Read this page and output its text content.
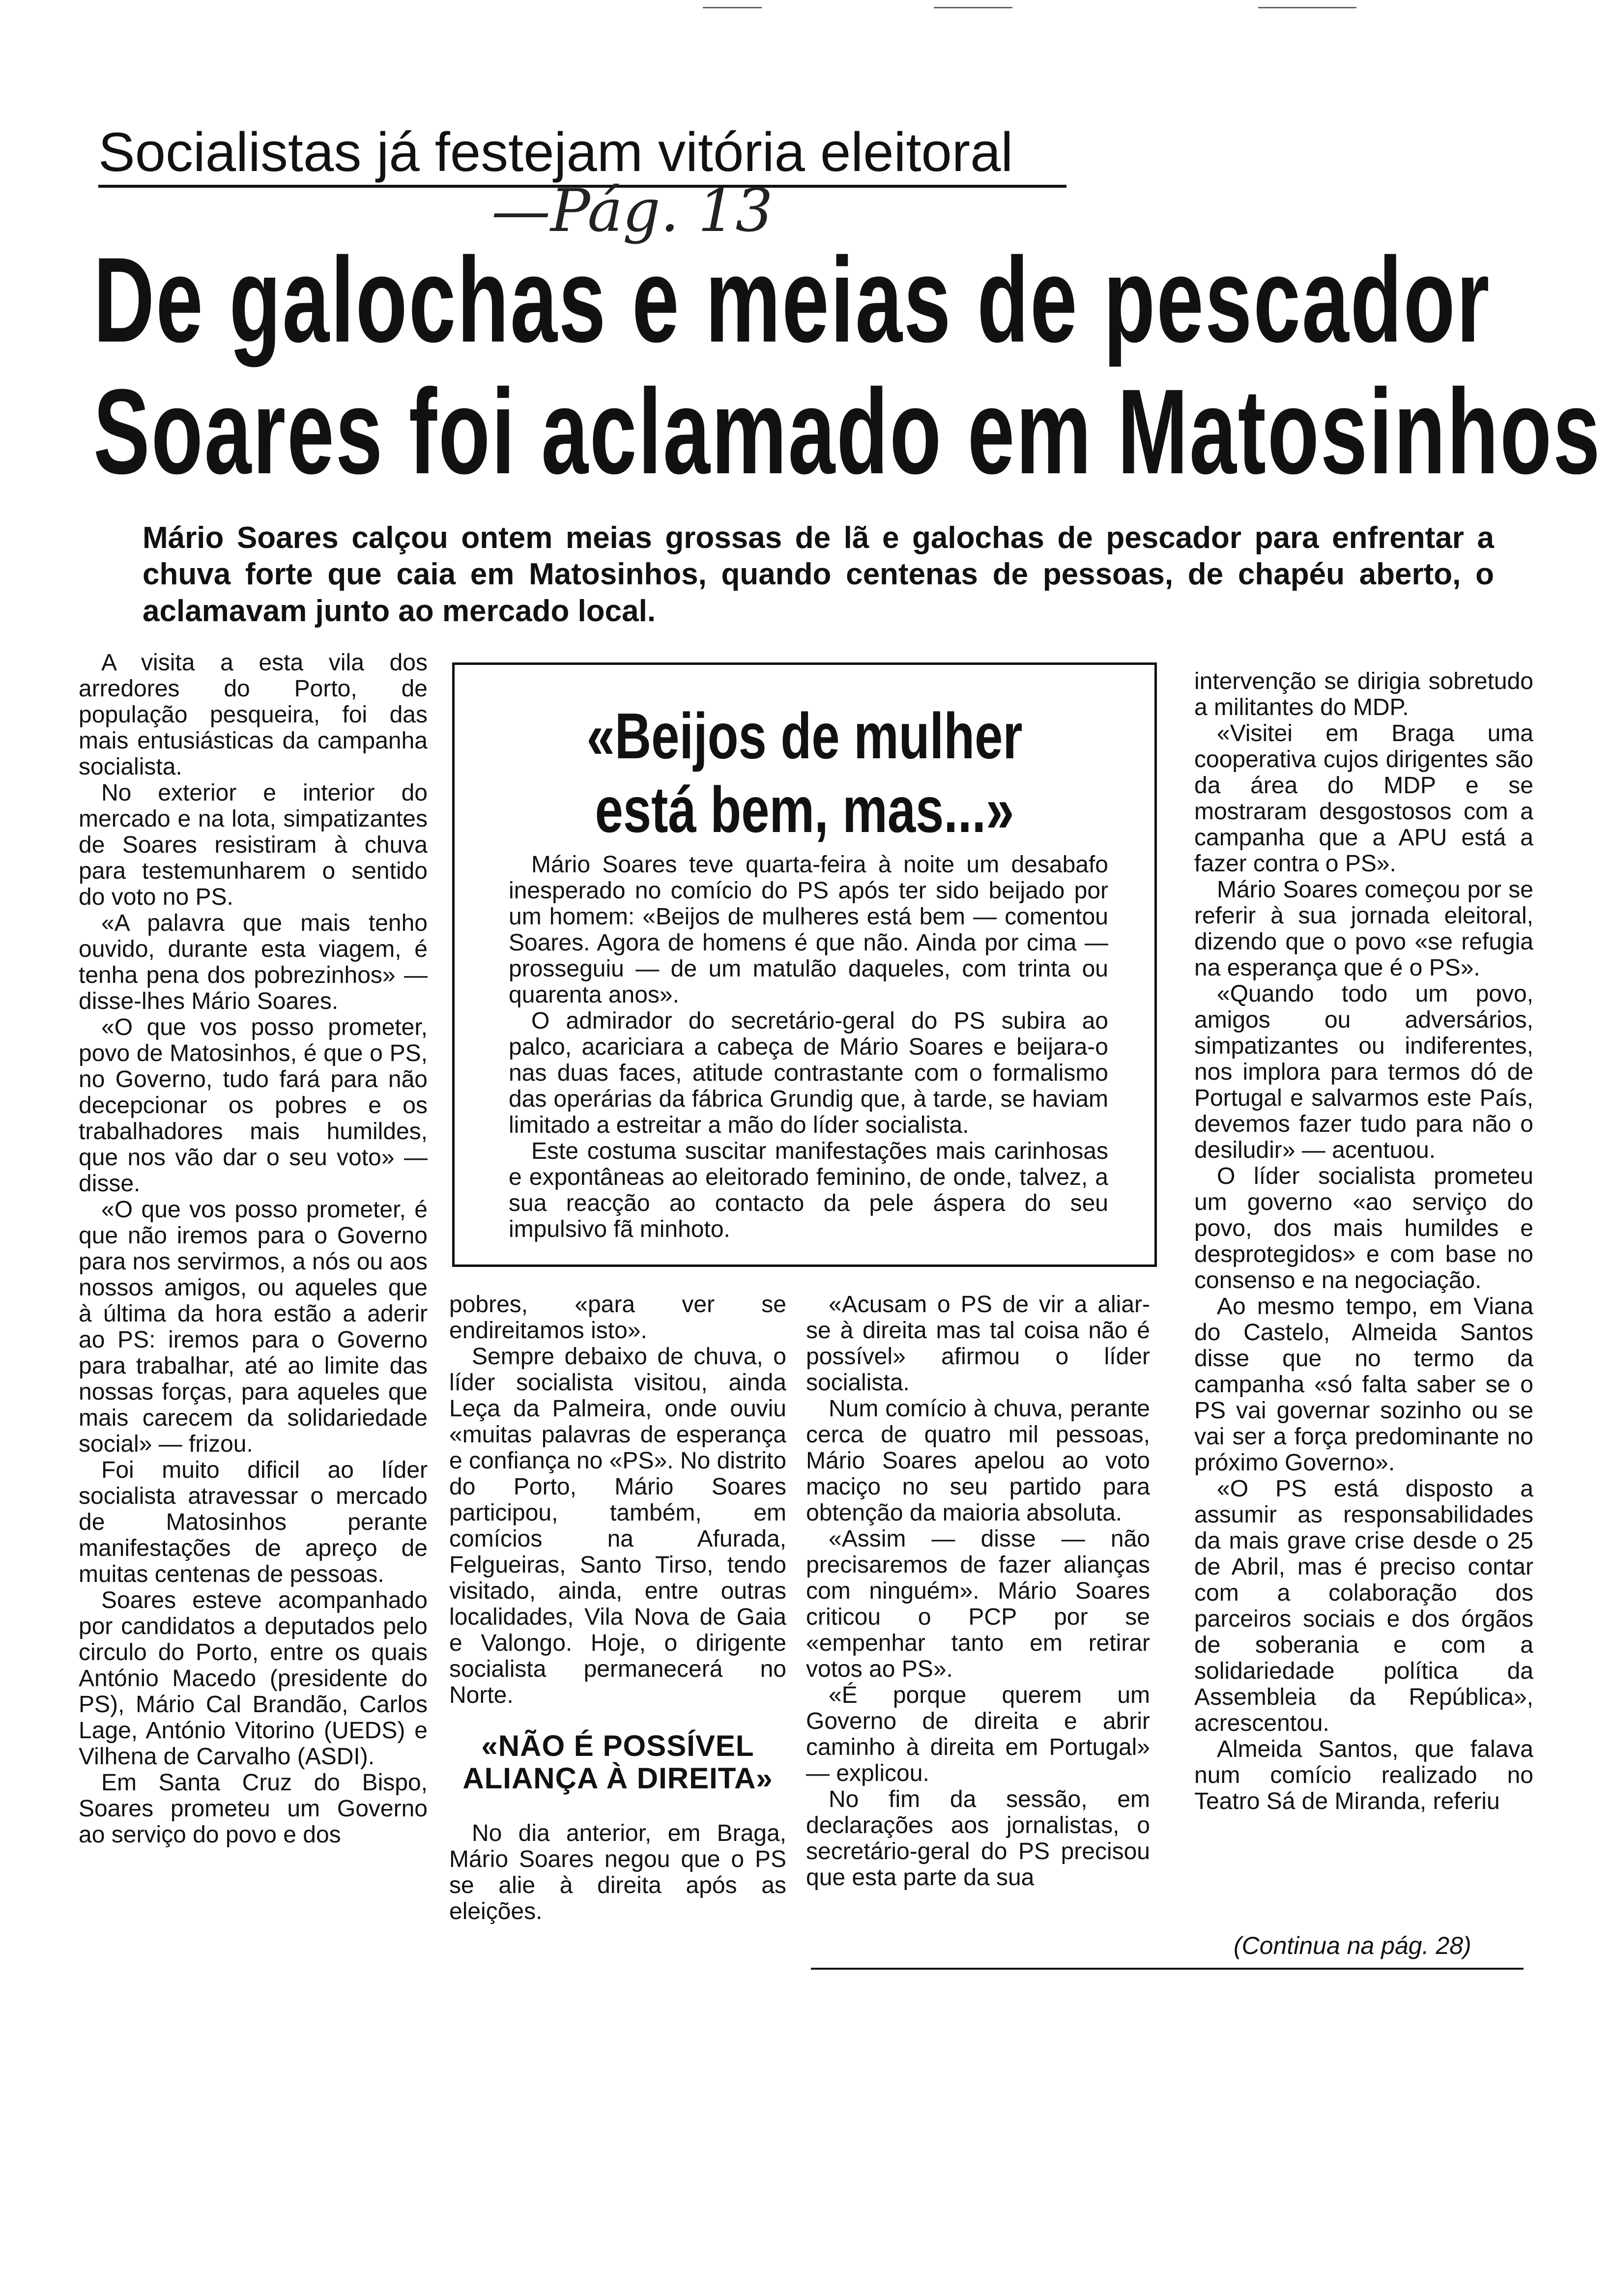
Socialistas já festejam vitória eleitoral
—Pág. 13
De galochas e meias de pescador
Soares foi aclamado em Matosinhos
Mário Soares calçou ontem meias grossas de lã e galochas de pescador para enfrentar a chuva forte que caia em Matosinhos, quando centenas de pessoas, de chapéu aberto, o aclamavam junto ao mercado local.

A visita a esta vila dos arredores do Porto, de população pesqueira, foi das mais entusiásticas da campanha socialista.

No exterior e interior do mercado e na lota, simpatizantes de Soares resistiram à chuva para testemunharem o sentido do voto no PS.

«A palavra que mais tenho ouvido, durante esta viagem, é tenha pena dos pobrezinhos» — disse-lhes Mário Soares.

«O que vos posso prometer, povo de Matosinhos, é que o PS, no Governo, tudo fará para não decepcionar os pobres e os trabalhadores mais humildes, que nos vão dar o seu voto» — disse.

«O que vos posso prometer, é que não iremos para o Governo para nos servirmos, a nós ou aos nossos amigos, ou aqueles que à última da hora estão a aderir ao PS: iremos para o Governo para trabalhar, até ao limite das nossas forças, para aqueles que mais carecem da solidariedade social» — frizou.

Foi muito dificil ao líder socialista atravessar o mercado de Matosinhos perante manifestações de apreço de muitas centenas de pessoas.

Soares esteve acompanhado por candidatos a deputados pelo circulo do Porto, entre os quais António Macedo (presidente do PS), Mário Cal Brandão, Carlos Lage, António Vitorino (UEDS) e Vilhena de Carvalho (ASDI).

Em Santa Cruz do Bispo, Soares prometeu um Governo ao serviço do povo e dos

«Beijos de mulher
está bem, mas...»

Mário Soares teve quarta-feira à noite um desabafo inesperado no comício do PS após ter sido beijado por um homem: «Beijos de mulheres está bem — comentou Soares. Agora de homens é que não. Ainda por cima — prosseguiu — de um matulão daqueles, com trinta ou quarenta anos».

O admirador do secretário-geral do PS subira ao palco, acariciara a cabeça de Mário Soares e beijara-o nas duas faces, atitude contrastante com o formalismo das operárias da fábrica Grundig que, à tarde, se haviam limitado a estreitar a mão do líder socialista.

Este costuma suscitar manifestações mais carinhosas e expontâneas ao eleitorado feminino, de onde, talvez, a sua reacção ao contacto da pele áspera do seu impulsivo fã minhoto.

pobres, «para ver se endireitamos isto».

Sempre debaixo de chuva, o líder socialista visitou, ainda Leça da Palmeira, onde ouviu «muitas palavras de esperança e confiança no «PS». No distrito do Porto, Mário Soares participou, também, em comícios na Afurada, Felgueiras, Santo Tirso, tendo visitado, ainda, entre outras localidades, Vila Nova de Gaia e Valongo. Hoje, o dirigente socialista permanecerá no Norte.

«NÃO É POSSÍVEL
ALIANÇA À DIREITA»

No dia anterior, em Braga, Mário Soares negou que o PS se alie à direita após as eleições.

«Acusam o PS de vir a aliar-se à direita mas tal coisa não é possível» afirmou o líder socialista.

Num comício à chuva, perante cerca de quatro mil pessoas, Mário Soares apelou ao voto maciço no seu partido para obtenção da maioria absoluta.

«Assim — disse — não precisaremos de fazer alianças com ninguém». Mário Soares criticou o PCP por se «empenhar tanto em retirar votos ao PS».

«É porque querem um Governo de direita e abrir caminho à direita em Portugal» — explicou.

No fim da sessão, em declarações aos jornalistas, o secretário-geral do PS precisou que esta parte da sua

intervenção se dirigia sobretudo a militantes do MDP.

«Visitei em Braga uma cooperativa cujos dirigentes são da área do MDP e se mostraram desgostosos com a campanha que a APU está a fazer contra o PS».

Mário Soares começou por se referir à sua jornada eleitoral, dizendo que o povo «se refugia na esperança que é o PS».

«Quando todo um povo, amigos ou adversários, simpatizantes ou indiferentes, nos implora para termos dó de Portugal e salvarmos este País, devemos fazer tudo para não o desiludir» — acentuou.

O líder socialista prometeu um governo «ao serviço do povo, dos mais humildes e desprotegidos» e com base no consenso e na negociação.

Ao mesmo tempo, em Viana do Castelo, Almeida Santos disse que no termo da campanha «só falta saber se o PS vai governar sozinho ou se vai ser a força predominante no próximo Governo».

«O PS está disposto a assumir as responsabilidades da mais grave crise desde o 25 de Abril, mas é preciso contar com a colaboração dos parceiros sociais e dos órgãos de soberania e com a solidariedade política da Assembleia da República», acrescentou.

Almeida Santos, que falava num comício realizado no Teatro Sá de Miranda, referiu

(Continua na pág. 28)
